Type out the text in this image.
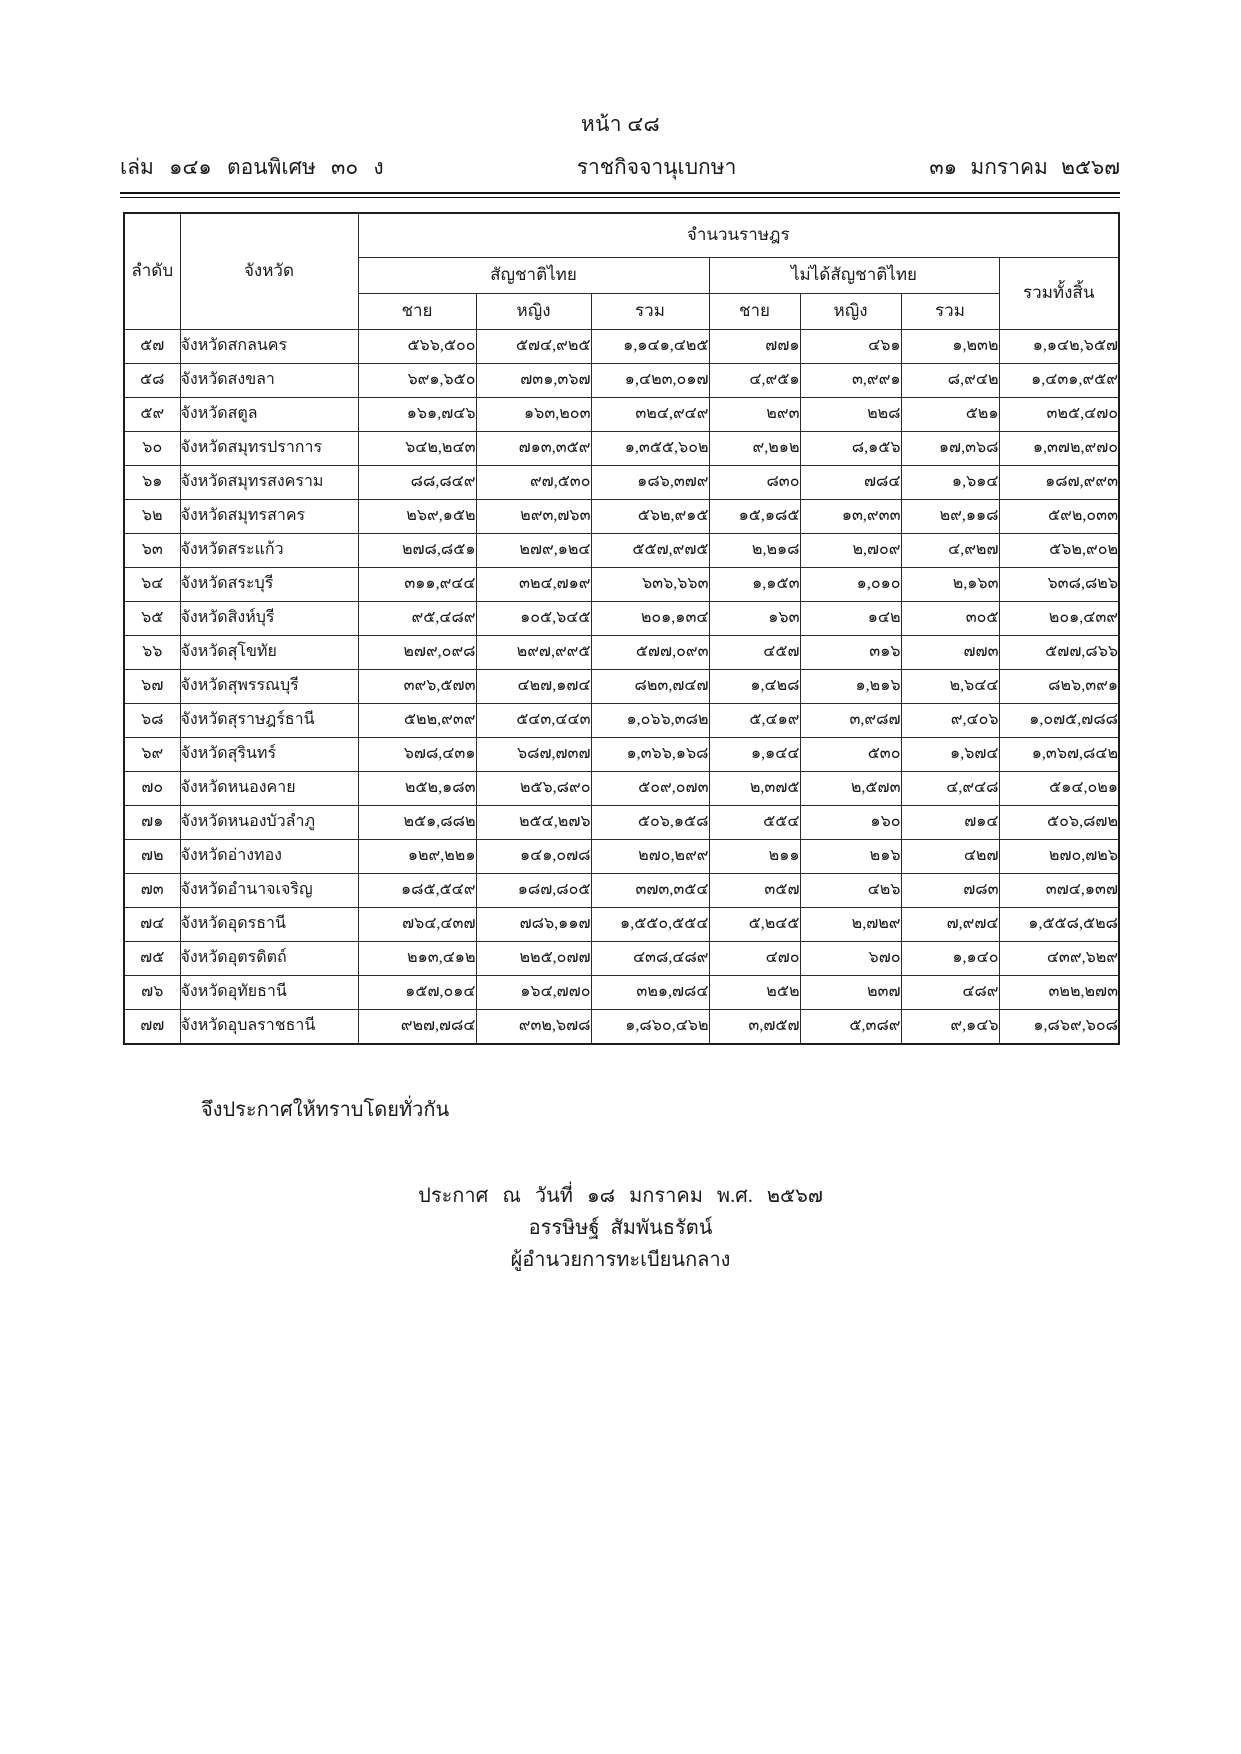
หน้า ๔๘
เล่ม ๑๔๑ ตอนพิเศษ ๓๐ ง	ราชกิจจานุเบกษา	๓๑ มกราคม ๒๕๖๗
ลำดับ	จังหวัด	จำนวนราษฎร						
		สัญชาติไทย			ไม่ได้สัญชาติไทย			รวมทั้งสิ้น
		ชาย	หญิง	รวม	ชาย	หญิง	รวม	
๕๗	จังหวัดสกลนคร	๕๖๖,๕๐๐	๕๗๔,๙๒๕	๑,๑๔๑,๔๒๕	๗๗๑	๔๖๑	๑,๒๓๒	๑,๑๔๒,๖๕๗
๕๘	จังหวัดสงขลา	๖๙๑,๖๕๐	๗๓๑,๓๖๗	๑,๔๒๓,๐๑๗	๔,๙๕๑	๓,๙๙๑	๘,๙๔๒	๑,๔๓๑,๙๕๙
๕๙	จังหวัดสตูล	๑๖๑,๗๔๖	๑๖๓,๒๐๓	๓๒๔,๙๔๙	๒๙๓	๒๒๘	๕๒๑	๓๒๕,๔๗๐
๖๐	จังหวัดสมุทรปราการ	๖๔๒,๒๔๓	๗๑๓,๓๕๙	๑,๓๕๕,๖๐๒	๙,๒๑๒	๘,๑๕๖	๑๗,๓๖๘	๑,๓๗๒,๙๗๐
๖๑	จังหวัดสมุทรสงคราม	๘๘,๘๔๙	๙๗,๕๓๐	๑๘๖,๓๗๙	๘๓๐	๗๘๔	๑,๖๑๔	๑๘๗,๙๙๓
๖๒	จังหวัดสมุทรสาคร	๒๖๙,๑๕๒	๒๙๓,๗๖๓	๕๖๒,๙๑๕	๑๕,๑๘๕	๑๓,๙๓๓	๒๙,๑๑๘	๕๙๒,๐๓๓
๖๓	จังหวัดสระแก้ว	๒๗๘,๘๕๑	๒๗๙,๑๒๔	๕๕๗,๙๗๕	๒,๒๑๘	๒,๗๐๙	๔,๙๒๗	๕๖๒,๙๐๒
๖๔	จังหวัดสระบุรี	๓๑๑,๙๔๔	๓๒๔,๗๑๙	๖๓๖,๖๖๓	๑,๑๕๓	๑,๐๑๐	๒,๑๖๓	๖๓๘,๘๒๖
๖๕	จังหวัดสิงห์บุรี	๙๕,๔๘๙	๑๐๕,๖๔๕	๒๐๑,๑๓๔	๑๖๓	๑๔๒	๓๐๕	๒๐๑,๔๓๙
๖๖	จังหวัดสุโขทัย	๒๗๙,๐๙๘	๒๙๗,๙๙๕	๕๗๗,๐๙๓	๔๕๗	๓๑๖	๗๗๓	๕๗๗,๘๖๖
๖๗	จังหวัดสุพรรณบุรี	๓๙๖,๕๗๓	๔๒๗,๑๗๔	๘๒๓,๗๔๗	๑,๔๒๘	๑,๒๑๖	๒,๖๔๔	๘๒๖,๓๙๑
๖๘	จังหวัดสุราษฎร์ธานี	๕๒๒,๙๓๙	๕๔๓,๔๔๓	๑,๐๖๖,๓๘๒	๕,๔๑๙	๓,๙๘๗	๙,๔๐๖	๑,๐๗๕,๗๘๘
๖๙	จังหวัดสุรินทร์	๖๗๘,๔๓๑	๖๘๗,๗๓๗	๑,๓๖๖,๑๖๘	๑,๑๔๔	๕๓๐	๑,๖๗๔	๑,๓๖๗,๘๔๒
๗๐	จังหวัดหนองคาย	๒๕๒,๑๘๓	๒๕๖,๘๙๐	๕๐๙,๐๗๓	๒,๓๗๕	๒,๕๗๓	๔,๙๔๘	๕๑๔,๐๒๑
๗๑	จังหวัดหนองบัวลำภู	๒๕๑,๘๘๒	๒๕๔,๒๗๖	๕๐๖,๑๕๘	๕๕๔	๑๖๐	๗๑๔	๕๐๖,๘๗๒
๗๒	จังหวัดอ่างทอง	๑๒๙,๒๒๑	๑๔๑,๐๗๘	๒๗๐,๒๙๙	๒๑๑	๒๑๖	๔๒๗	๒๗๐,๗๒๖
๗๓	จังหวัดอำนาจเจริญ	๑๘๕,๕๔๙	๑๘๗,๘๐๕	๓๗๓,๓๕๔	๓๕๗	๔๒๖	๗๘๓	๓๗๔,๑๓๗
๗๔	จังหวัดอุดรธานี	๗๖๔,๔๓๗	๗๘๖,๑๑๗	๑,๕๕๐,๕๕๔	๕,๒๔๕	๒,๗๒๙	๗,๙๗๔	๑,๕๕๘,๕๒๘
๗๕	จังหวัดอุตรดิตถ์	๒๑๓,๔๑๒	๒๒๕,๐๗๗	๔๓๘,๔๘๙	๔๗๐	๖๗๐	๑,๑๔๐	๔๓๙,๖๒๙
๗๖	จังหวัดอุทัยธานี	๑๕๗,๐๑๔	๑๖๔,๗๗๐	๓๒๑,๗๘๔	๒๕๒	๒๓๗	๔๘๙	๓๒๒,๒๗๓
๗๗	จังหวัดอุบลราชธานี	๙๒๗,๗๘๔	๙๓๒,๖๗๘	๑,๘๖๐,๔๖๒	๓,๗๕๗	๕,๓๘๙	๙,๑๔๖	๑,๘๖๙,๖๐๘
จึงประกาศให้ทราบโดยทั่วกัน
ประกาศ ณ วันที่ ๑๘ มกราคม พ.ศ. ๒๕๖๗
อรรษิษฐ์ สัมพันธรัตน์
ผู้อำนวยการทะเบียนกลาง
